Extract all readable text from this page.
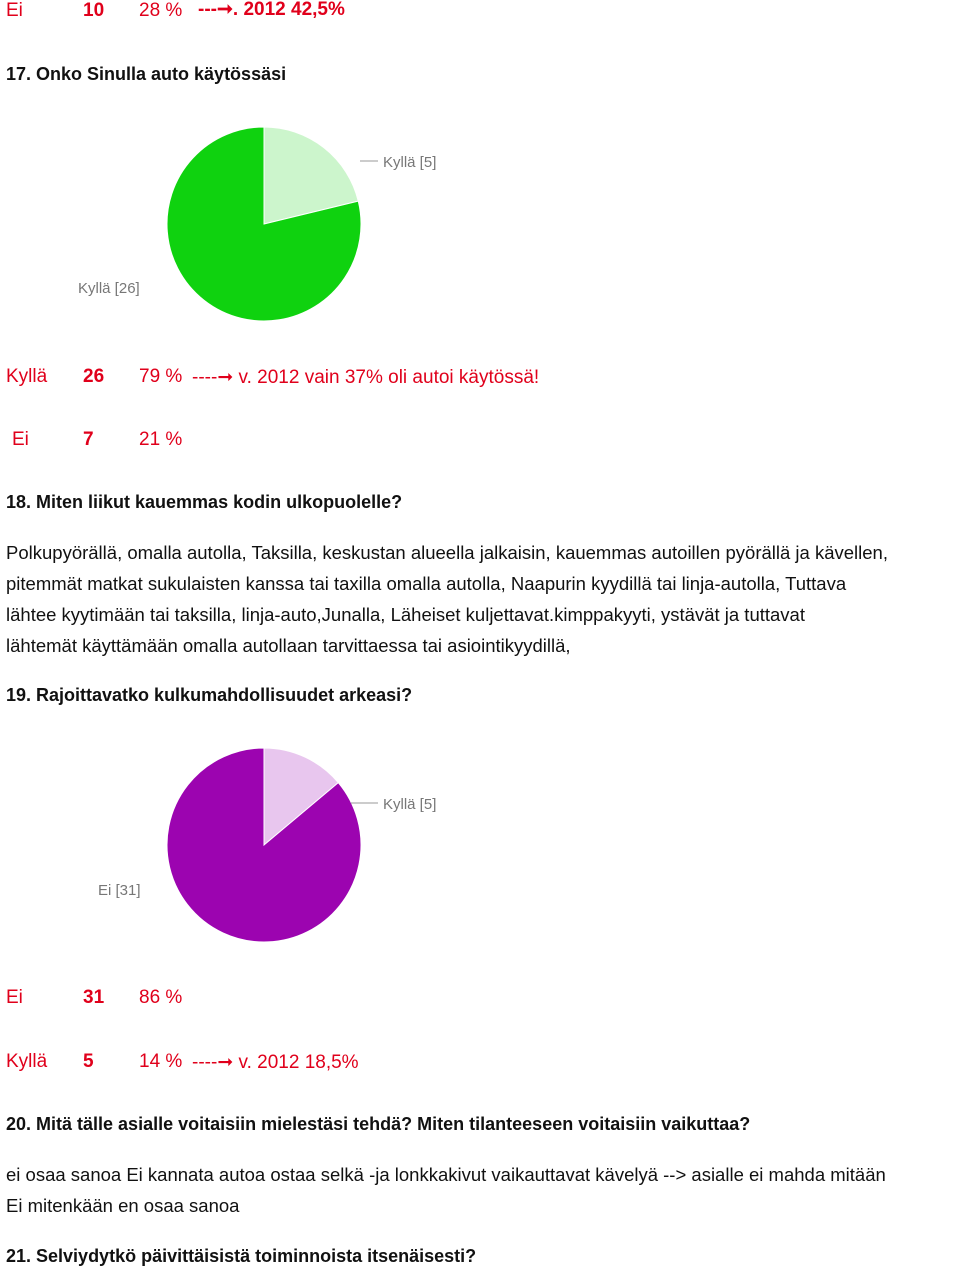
Ei	10 28 % ---➞. 2012 42,5%
17. Onko Sinulla auto käytössäsi
Kyllä [5]
Kyllä [26]
Kyllä 26 79 % ----➞ v. 2012 vain 37% oli autoi käytössä!
Ei	7 21 %
18. Miten liikut kauemmas kodin ulkopuolelle?
Polkupyörällä, omalla autolla, Taksilla, keskustan alueella jalkaisin, kauemmas autoillen pyörällä ja kävellen,
pitemmät matkat sukulaisten kanssa tai taxilla omalla autolla, Naapurin kyydillä tai linja-autolla, Tuttava
lähtee kyytimään tai taksilla, linja-auto,Junalla, Läheiset kuljettavat.kimppakyyti, ystävät ja tuttavat
lähtemät käyttämään omalla autollaan tarvittaessa tai asiointikyydillä,
19. Rajoittavatko kulkumahdollisuudet arkeasi?
Kyllä [5]
Ei [31]
Ei	31 86 %
Kyllä 5 14 % ----➞ v. 2012 18,5%
20. Mitä tälle asialle voitaisiin mielestäsi tehdä? Miten tilanteeseen voitaisiin vaikuttaa?
ei osaa sanoa Ei kannata autoa ostaa selkä -ja lonkkakivut vaikauttavat kävelyä --> asialle ei mahda mitään
Ei mitenkään en osaa sanoa
21. Selviydytkö päivittäisistä toiminnoista itsenäisesti?
